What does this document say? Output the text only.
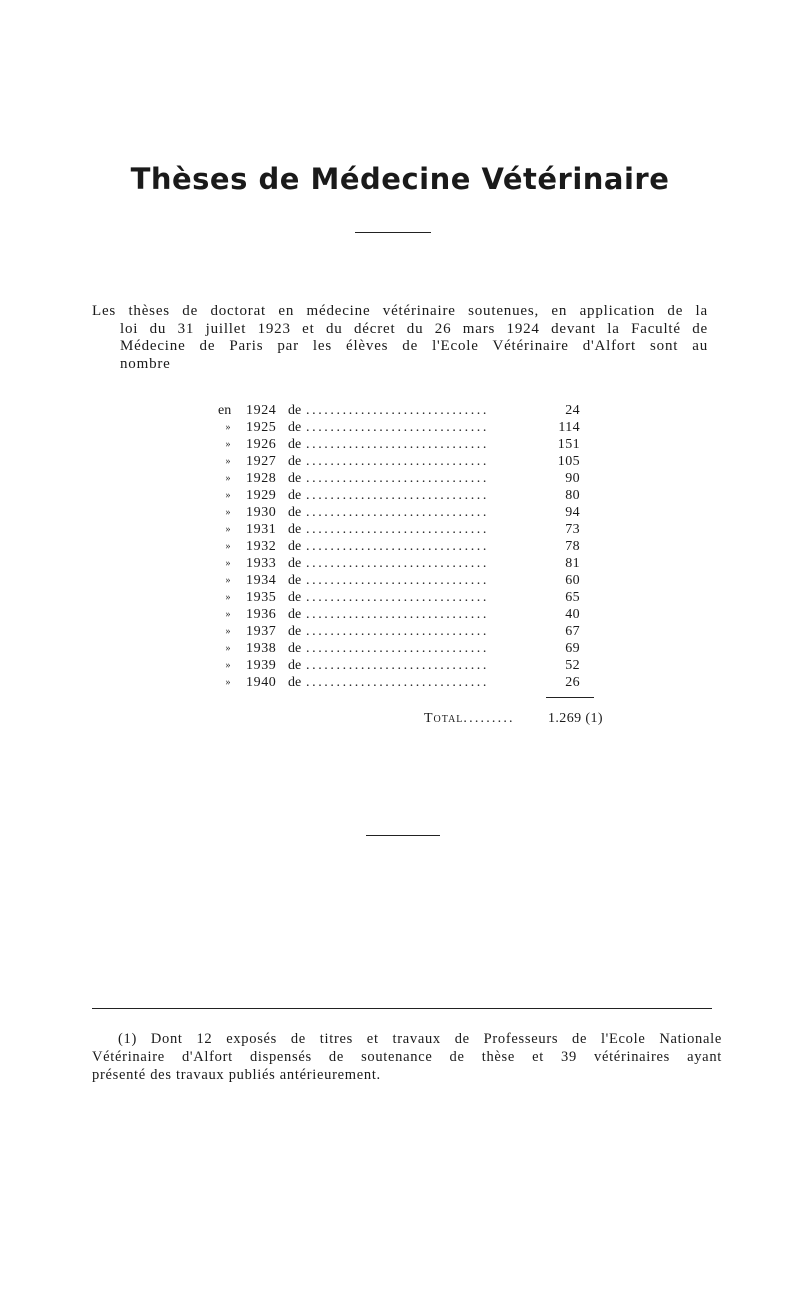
Thèses de Médecine Vétérinaire
Les thèses de doctorat en médecine vétérinaire soutenues, en application de la
loi du 31 juillet 1923 et du décret du 26 mars 1924 devant la Faculté de
Médecine de Paris par les élèves de l'Ecole Vétérinaire d'Alfort sont au
nombre
en	1924 de ..............................	24
»	1925 de ..............................	114
»	1926 de ..............................	151
»	1927 de ..............................	105
»	1928 de ..............................	90
»	1929 de ..............................	80
»	1930 de ..............................	94
»	1931 de ..............................	73
»	1932 de ..............................	78
»	1933 de ..............................	81
»	1934 de ..............................	60
»	1935 de ..............................	65
»	1936 de ..............................	40
»	1937 de ..............................	67
»	1938 de ..............................	69
»	1939 de ..............................	52
»	1940 de ..............................	26
Total......... 1.269 (1)
(1) Dont 12 exposés de titres et travaux de Professeurs de l'Ecole Nationale
Vétérinaire d'Alfort dispensés de soutenance de thèse et 39 vétérinaires ayant
présenté des travaux publiés antérieurement.
